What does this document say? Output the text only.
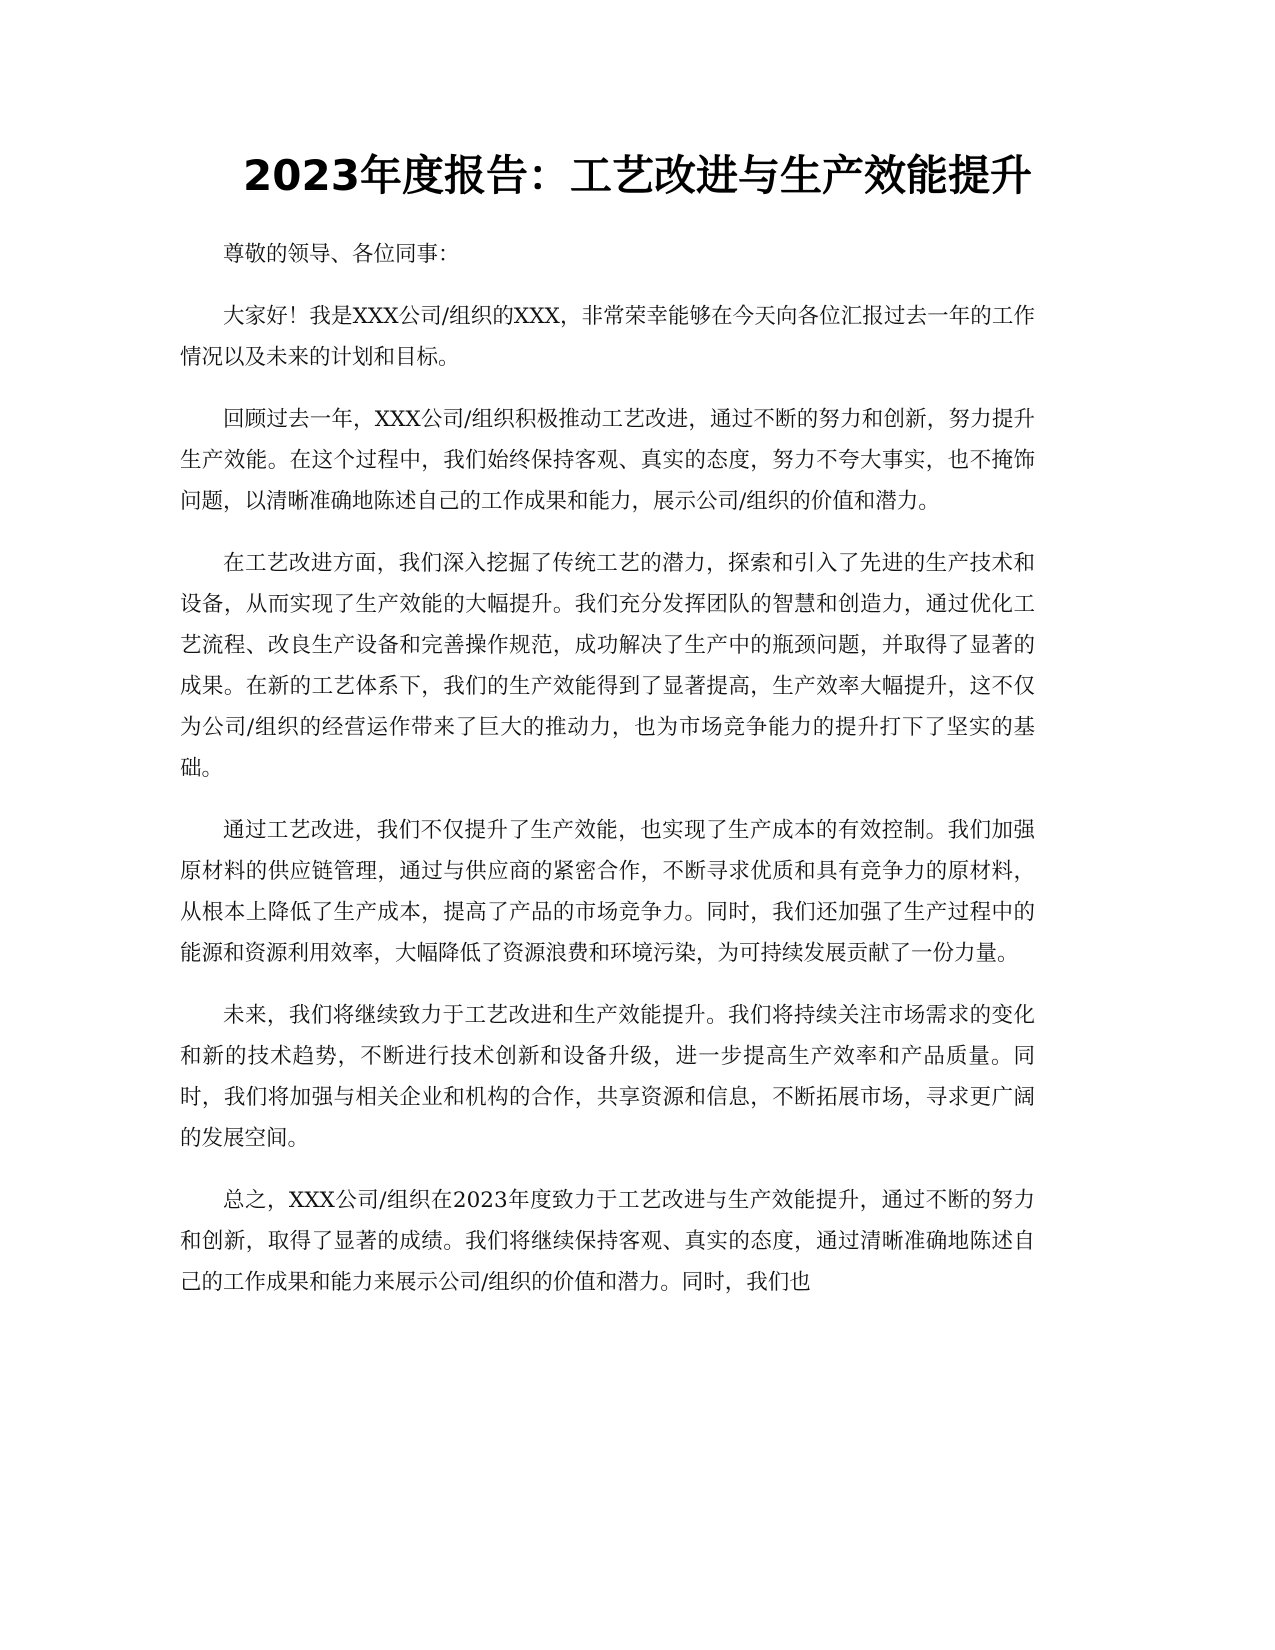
2023年度报告：工艺改进与生产效能提升

尊敬的领导、各位同事：

大家好！我是XXX公司/组织的XXX，非常荣幸能够在今天向各位汇报过去一年的工作情况以及未来的计划和目标。

回顾过去一年，XXX公司/组织积极推动工艺改进，通过不断的努力和创新，努力提升生产效能。在这个过程中，我们始终保持客观、真实的态度，努力不夸大事实，也不掩饰问题，以清晰准确地陈述自己的工作成果和能力，展示公司/组织的价值和潜力。

在工艺改进方面，我们深入挖掘了传统工艺的潜力，探索和引入了先进的生产技术和设备，从而实现了生产效能的大幅提升。我们充分发挥团队的智慧和创造力，通过优化工艺流程、改良生产设备和完善操作规范，成功解决了生产中的瓶颈问题，并取得了显著的成果。在新的工艺体系下，我们的生产效能得到了显著提高，生产效率大幅提升，这不仅为公司/组织的经营运作带来了巨大的推动力，也为市场竞争能力的提升打下了坚实的基础。

通过工艺改进，我们不仅提升了生产效能，也实现了生产成本的有效控制。我们加强原材料的供应链管理，通过与供应商的紧密合作，不断寻求优质和具有竞争力的原材料，从根本上降低了生产成本，提高了产品的市场竞争力。同时，我们还加强了生产过程中的能源和资源利用效率，大幅降低了资源浪费和环境污染，为可持续发展贡献了一份力量。

未来，我们将继续致力于工艺改进和生产效能提升。我们将持续关注市场需求的变化和新的技术趋势，不断进行技术创新和设备升级，进一步提高生产效率和产品质量。同时，我们将加强与相关企业和机构的合作，共享资源和信息，不断拓展市场，寻求更广阔的发展空间。

总之，XXX公司/组织在2023年度致力于工艺改进与生产效能提升，通过不断的努力和创新，取得了显著的成绩。我们将继续保持客观、真实的态度，通过清晰准确地陈述自己的工作成果和能力来展示公司/组织的价值和潜力。同时，我们也
